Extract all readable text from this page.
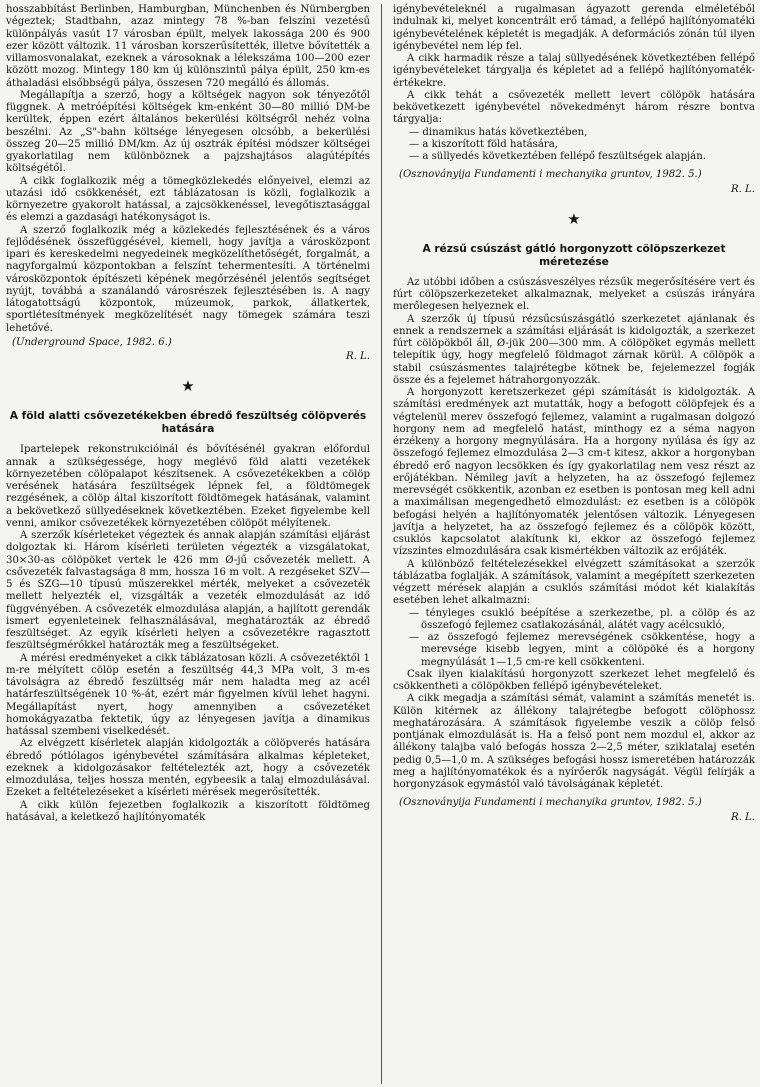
hosszabbítást Berlinben, Hamburgban, Münchenben és Nürnbergben végeztek; Stadtbahn, azaz mintegy 78 %-ban felszíni vezetésű különpályás vasút 17 városban épült, melyek lakossága 200 és 900 ezer között változik. 11 városban korszerűsítették, illetve bővítették a villamosvonalakat, ezeknek a városoknak a lélekszáma 100—200 ezer között mozog. Mintegy 180 km új különszintű pálya épült, 250 km-es áthaladási elsőbbségű pálya, összesen 720 megálló és állomás.

Megállapítja a szerző, hogy a költségek nagyon sok tényezőtől függnek. A metróépítési költségek km-enként 30—80 millió DM-be kerültek, éppen ezért általános bekerülési költségről nehéz volna beszélni. Az „S"-bahn költsége lényegesen olcsóbb, a bekerülési összeg 20—25 millió DM/km. Az új osztrák építési módszer költségei gyakorlatilag nem különböznek a pajzshajtásos alagútépítés költségétől.

A cikk foglalkozik még a tömegközlekedés előnyeivel, elemzi az utazási idő csökkenését, ezt táblázatosan is közli, foglalkozik a környezetre gyakorolt hatással, a zajcsökkenéssel, levegőtisztasággal és elemzi a gazdasági hatékonyságot is.

A szerző foglalkozik még a közlekedés fejlesztésének és a város fejlődésének összefüggésével, kiemeli, hogy javítja a városközpont ipari és kereskedelmi negyedeinek megközelíthetőségét, forgalmát, a nagyforgalmú központokban a felszínt tehermentesíti. A történelmi városközpontok építészeti képének megőrzésénél jelentős segítséget nyújt, továbbá a szanálandó városrészek fejlesztésében is. A nagy látogatottságú központok, múzeumok, parkok, állatkertek, sportlétesítmények megközelítését nagy tömegek számára teszi lehetővé.

(Underground Space, 1982. 6.)
R. L.
★
A föld alatti csővezetékekben ébredő feszültség cölöpverés hatására

Ipartelepek rekonstrukcióinál és bővítésénél gyakran előfordul annak a szükségessége, hogy meglévő föld alatti vezetékek környezetében cölöpalapot készítsenek. A csővezetékekben a cölöp verésének hatására feszültségek lépnek fel, a földtömegek rezgésének, a cölöp által kiszorított földtömegek hatásának, valamint a bekövetkező süllyedéseknek következtében. Ezeket figyelembe kell venni, amikor csővezetékek környezetében cölöpöt mélyítenek.

A szerzők kísérleteket végeztek és annak alapján számítási eljárást dolgoztak ki. Három kísérleti területen végezték a vizsgálatokat, 30×30-as cölöpöket vertek le 426 mm Ø-jű csővezeték mellett. A csővezeték falvastagsága 8 mm, hossza 16 m volt. A rezgéseket SZV—5 és SZG—10 típusú műszerekkel mérték, melyeket a csővezeték mellett helyezték el, vizsgálták a vezeték elmozdulását az idő függvényében. A csővezeték elmozdulása alapján, a hajlított gerendák ismert egyenleteinek felhasználásával, meghatározták az ébredő feszültséget. Az egyik kísérleti helyen a csővezetékre ragasztott feszültségmérőkkel határozták meg a feszültségeket.

A mérési eredményeket a cikk táblázatosan közli. A csővezetéktől 1 m-re mélyített cölöp esetén a feszültség 44,3 MPa volt, 3 m-es távolságra az ébredő feszültség már nem haladta meg az acél határfeszültségének 10 %-át, ezért már figyelmen kívül lehet hagyni. Megállapítást nyert, hogy amennyiben a csővezetéket homokágyazatba fektetik, úgy az lényegesen javítja a dinamikus hatással szembeni viselkedését.

Az elvégzett kísérletek alapján kidolgozták a cölöpverés hatására ébredő pótlólagos igénybevétel számítására alkalmas képleteket, ezeknek a kidolgozásakor feltételezték azt, hogy a csővezeték elmozdulása, teljes hossza mentén, egybeesik a talaj elmozdulásával. Ezeket a feltételezéseket a kísérleti mérések megerősítették.

A cikk külön fejezetben foglalkozik a kiszorított földtömeg hatásával, a keletkező hajlítónyomaték

igénybevételeknél a rugalmasan ágyazott gerenda elméletéből indulnak ki, melyet koncentrált erő támad, a fellépő hajlítónyomatéki igénybevételének képletét is megadják. A deformációs zónán túl ilyen igénybevétel nem lép fel.

A cikk harmadik része a talaj süllyedésének következtében fellépő igénybevételeket tárgyalja és képletet ad a fellépő hajlítónyomaték-értékekre.

A cikk tehát a csővezeték mellett levert cölöpök hatására bekövetkezett igénybevétel növekedményt három részre bontva tárgyalja:

— dinamikus hatás következtében,
— a kiszorított föld hatására,
— a süllyedés következtében fellépő feszültségek alapján.
(Osznoványija Fundamenti i mechanyika gruntov, 1982. 5.)
R. L.
★
A rézsű csúszást gátló horgonyzott cölöpszerkezet méretezése

Az utóbbi időben a csúszásveszélyes rézsűk megerősítésére vert és fúrt cölöpszerkezeteket alkalmaznak, melyeket a csúszás irányára merőlegesen helyeznek el.

A szerzők új típusú rézsűcsúszásgátló szerkezetet ajánlanak és ennek a rendszernek a számítási eljárását is kidolgozták, a szerkezet fúrt cölöpökből áll, Ø-jük 200—300 mm. A cölöpöket egymás mellett telepítik úgy, hogy megfelelő földmagot zárnak körül. A cölöpök a stabil csúszásmentes talajrétegbe kötnek be, fejelemezzel fogják össze és a fejelemet hátrahorgonyozzák.

A horgonyzott keretszerkezet gépi számítását is kidolgozták. A számítási eredmények azt mutatták, hogy a befogott cölöpfejek és a végtelenül merev összefogó fejlemez, valamint a rugalmasan dolgozó horgony nem ad megfelelő hatást, minthogy ez a séma nagyon érzékeny a horgony megnyúlására. Ha a horgony nyúlása és így az összefogó fejlemez elmozdulása 2—3 cm-t kitesz, akkor a horgonyban ébredő erő nagyon lecsökken és így gyakorlatilag nem vesz részt az erőjátékban. Némileg javít a helyzeten, ha az összefogó fejlemez merevségét csökkentik, azonban ez esetben is pontosan meg kell adni a maximálisan megengedhető elmozdulást: ez esetben is a cölöpök befogási helyén a hajlítónyomaték jelentősen változik. Lényegesen javítja a helyzetet, ha az összefogó fejlemez és a cölöpök között, csuklós kapcsolatot alakítunk ki, ekkor az összefogó fejlemez vízszintes elmozdulására csak kismértékben változik az erőjáték.

A különböző feltételezésekkel elvégzett számításokat a szerzők táblázatba foglalják. A számítások, valamint a megépített szerkezeten végzett mérések alapján a csuklós számítási módot két kialakítás esetében lehet alkalmazni:

— tényleges csukló beépítése a szerkezetbe, pl. a cölöp és az összefogó fejlemez csatlakozásánál, alátét vagy acélcsukló,
— az összefogó fejlemez merevségének csökkentése, hogy a merevsége kisebb legyen, mint a cölöpöké és a horgony megnyúlását 1—1,5 cm-re kell csökkenteni.

Csak ilyen kialakítású horgonyzott szerkezet lehet megfelelő és csökkentheti a cölöpökben fellépő igénybevételeket.

A cikk megadja a számítási sémát, valamint a számítás menetét is. Külön kitérnek az állékony talajrétegbe befogott cölöphossz meghatározására. A számítások figyelembe veszik a cölöp felső pontjának elmozdulását is. Ha a felső pont nem mozdul el, akkor az állékony talajba való befogás hossza 2—2,5 méter, sziklatalaj esetén pedig 0,5—1,0 m. A szükséges befogási hossz ismeretében határozzák meg a hajlítónyomatékok és a nyírőerők nagyságát. Végül felírják a horgonyzások egymástól való távolságának képletét.

(Osznoványija Fundamenti i mechanyika gruntov, 1982. 5.)
R. L.
